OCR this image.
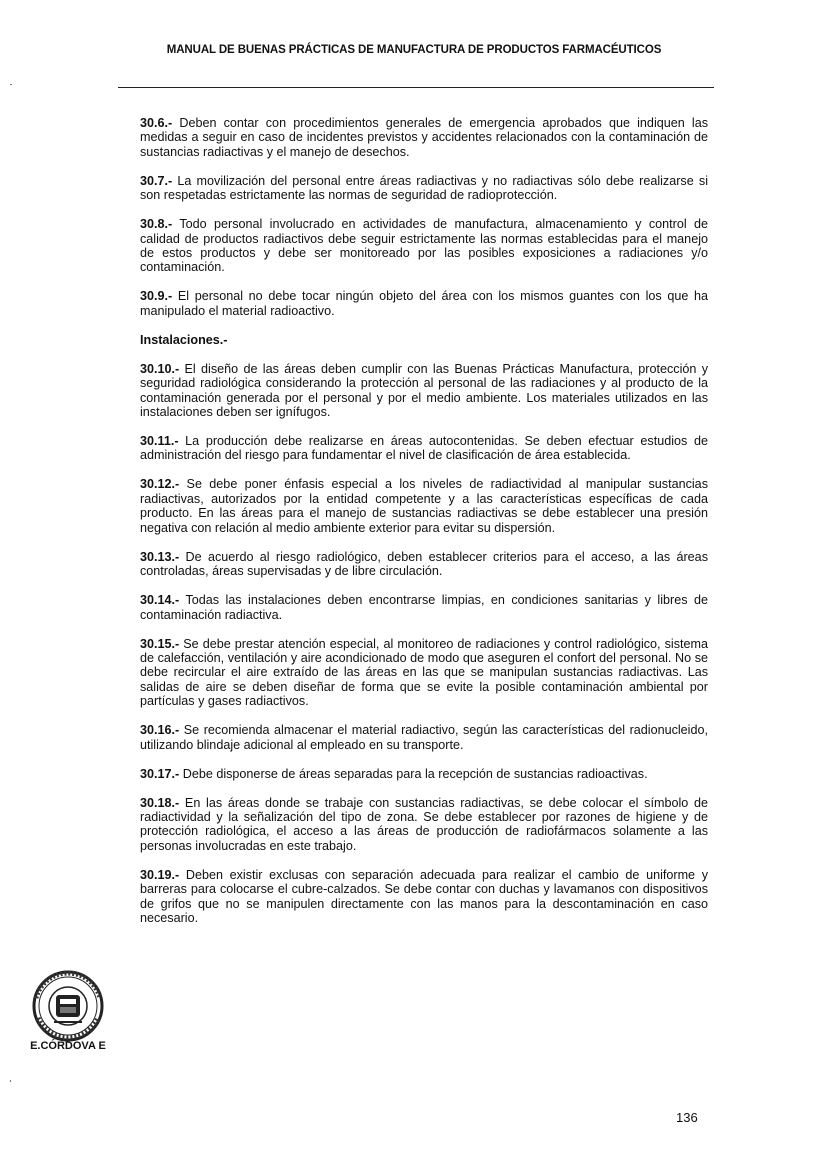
MANUAL DE BUENAS PRÁCTICAS DE MANUFACTURA DE PRODUCTOS FARMACÉUTICOS

30.6.- Deben contar con procedimientos generales de emergencia aprobados que indiquen las medidas a seguir en caso de incidentes previstos y accidentes relacionados con la contaminación de sustancias radiactivas y el manejo de desechos.

30.7.- La movilización del personal entre áreas radiactivas y no radiactivas sólo debe realizarse si son respetadas estrictamente las normas de seguridad de radioprotección.

30.8.- Todo personal involucrado en actividades de manufactura, almacenamiento y control de calidad de productos radiactivos debe seguir estrictamente las normas establecidas para el manejo de estos productos y debe ser monitoreado por las posibles exposiciones a radiaciones y/o contaminación.

30.9.- El personal no debe tocar ningún objeto del área con los mismos guantes con los que ha manipulado el material radioactivo.

Instalaciones.-

30.10.- El diseño de las áreas deben cumplir con las Buenas Prácticas Manufactura, protección y seguridad radiológica considerando la protección al personal de las radiaciones y al producto de la contaminación generada por el personal y por el medio ambiente. Los materiales utilizados en las instalaciones deben ser ignífugos.

30.11.- La producción debe realizarse en áreas autocontenidas. Se deben efectuar estudios de administración del riesgo para fundamentar el nivel de clasificación de área establecida.

30.12.- Se debe poner énfasis especial a los niveles de radiactividad al manipular sustancias radiactivas, autorizados por la entidad competente y a las características específicas de cada producto. En las áreas para el manejo de sustancias radiactivas se debe establecer una presión negativa con relación al medio ambiente exterior para evitar su dispersión.

30.13.- De acuerdo al riesgo radiológico, deben establecer criterios para el acceso, a las áreas controladas, áreas supervisadas y de libre circulación.

30.14.- Todas las instalaciones deben encontrarse limpias, en condiciones sanitarias y libres de contaminación radiactiva.

30.15.- Se debe prestar atención especial, al monitoreo de radiaciones y control radiológico, sistema de calefacción, ventilación y aire acondicionado de modo que aseguren el confort del personal. No se debe recircular el aire extraído de las áreas en las que se manipulan sustancias radiactivas. Las salidas de aire se deben diseñar de forma que se evite la posible contaminación ambiental por partículas y gases radiactivos.

30.16.- Se recomienda almacenar el material radiactivo, según las características del radionucleido, utilizando blindaje adicional al empleado en su transporte.

30.17.- Debe disponerse de áreas separadas para la recepción de sustancias radioactivas.

30.18.- En las áreas donde se trabaje con sustancias radiactivas, se debe colocar el símbolo de radiactividad y la señalización del tipo de zona. Se debe establecer por razones de higiene y de protección radiológica, el acceso a las áreas de producción de radiofármacos solamente a las personas involucradas en este trabajo.

30.19.- Deben existir exclusas con separación adecuada para realizar el cambio de uniforme y barreras para colocarse el cubre-calzados. Se debe contar con duchas y lavamanos con dispositivos de grifos que no se manipulen directamente con las manos para la descontaminación en caso necesario.

E.CÓRDOVA E
136
